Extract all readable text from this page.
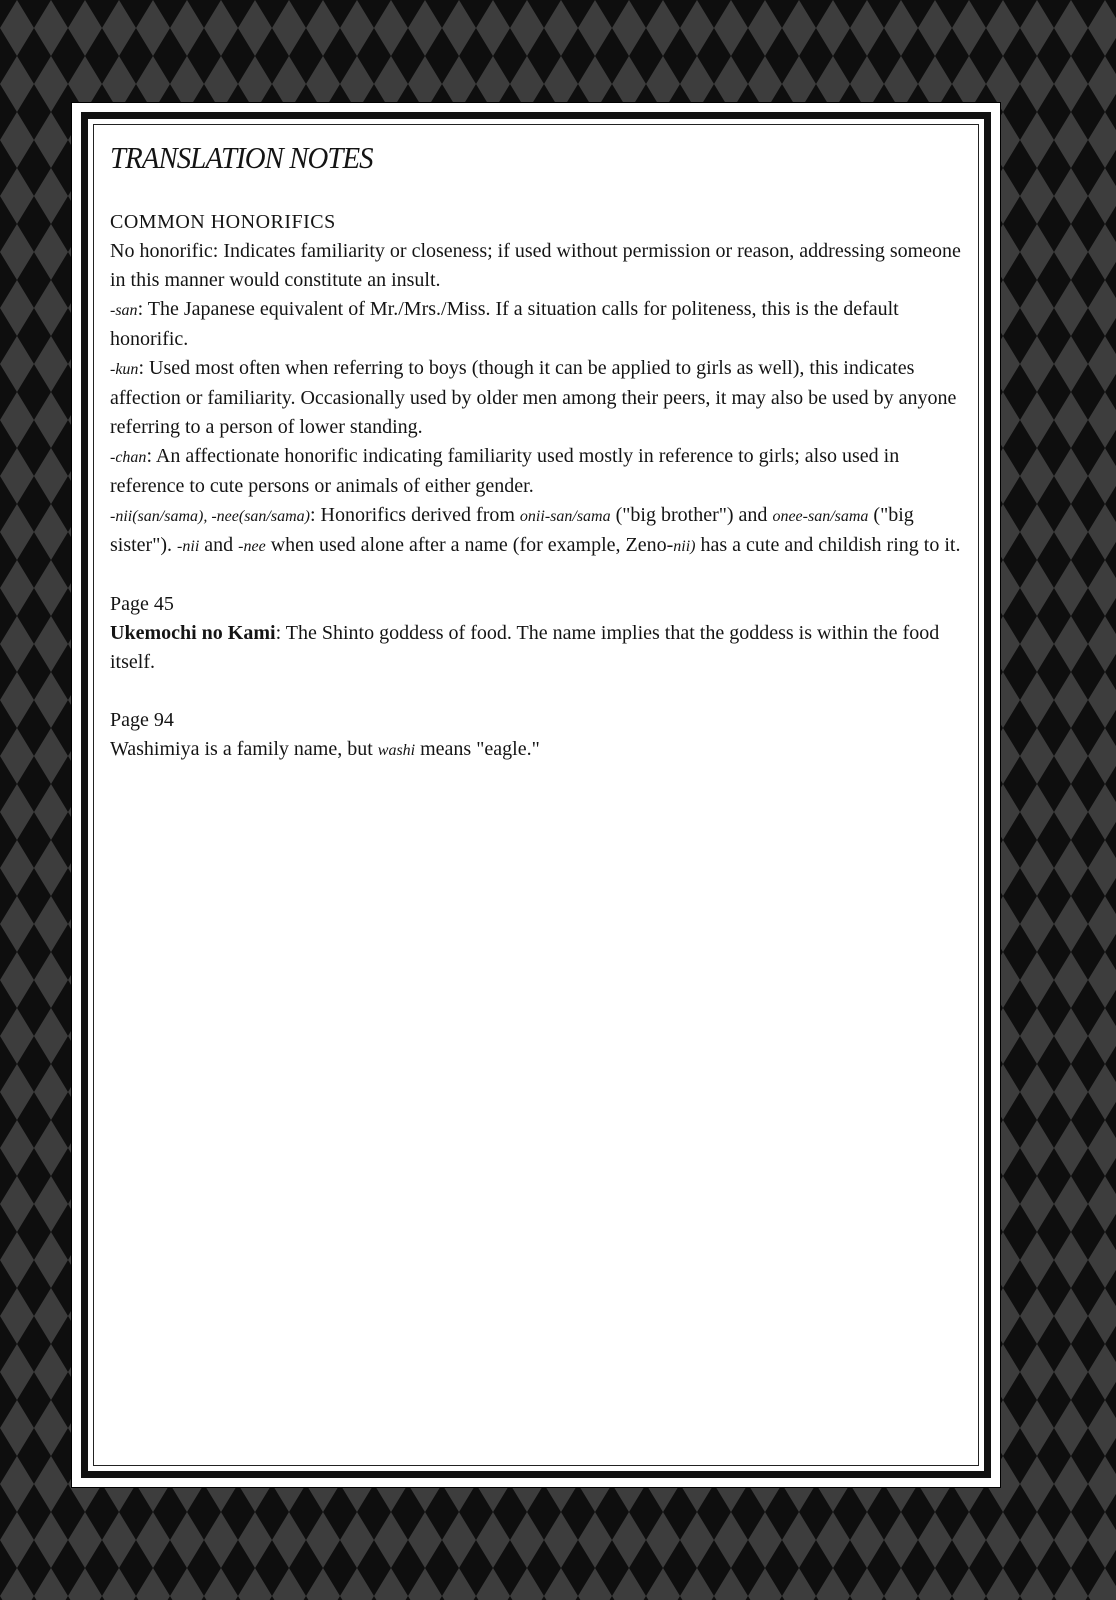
TRANSLATION NOTES

COMMON HONORIFICS

No honorific: Indicates familiarity or closeness; if used without permission or reason, addressing someone in this manner would constitute an insult.

-san: The Japanese equivalent of Mr./Mrs./Miss. If a situation calls for politeness, this is the default honorific.

-kun: Used most often when referring to boys (though it can be applied to girls as well), this indicates affection or familiarity. Occasionally used by older men among their peers, it may also be used by anyone referring to a person of lower standing.

-chan: An affectionate honorific indicating familiarity used mostly in reference to girls; also used in reference to cute persons or animals of either gender.

-nii(san/sama), -nee(san/sama): Honorifics derived from onii-san/sama ("big brother") and onee-san/sama ("big sister"). -nii and -nee when used alone after a name (for example, Zeno-nii) has a cute and childish ring to it.

Page 45

Ukemochi no Kami: The Shinto goddess of food. The name implies that the goddess is within the food itself.

Page 94

Washimiya is a family name, but washi means "eagle."
